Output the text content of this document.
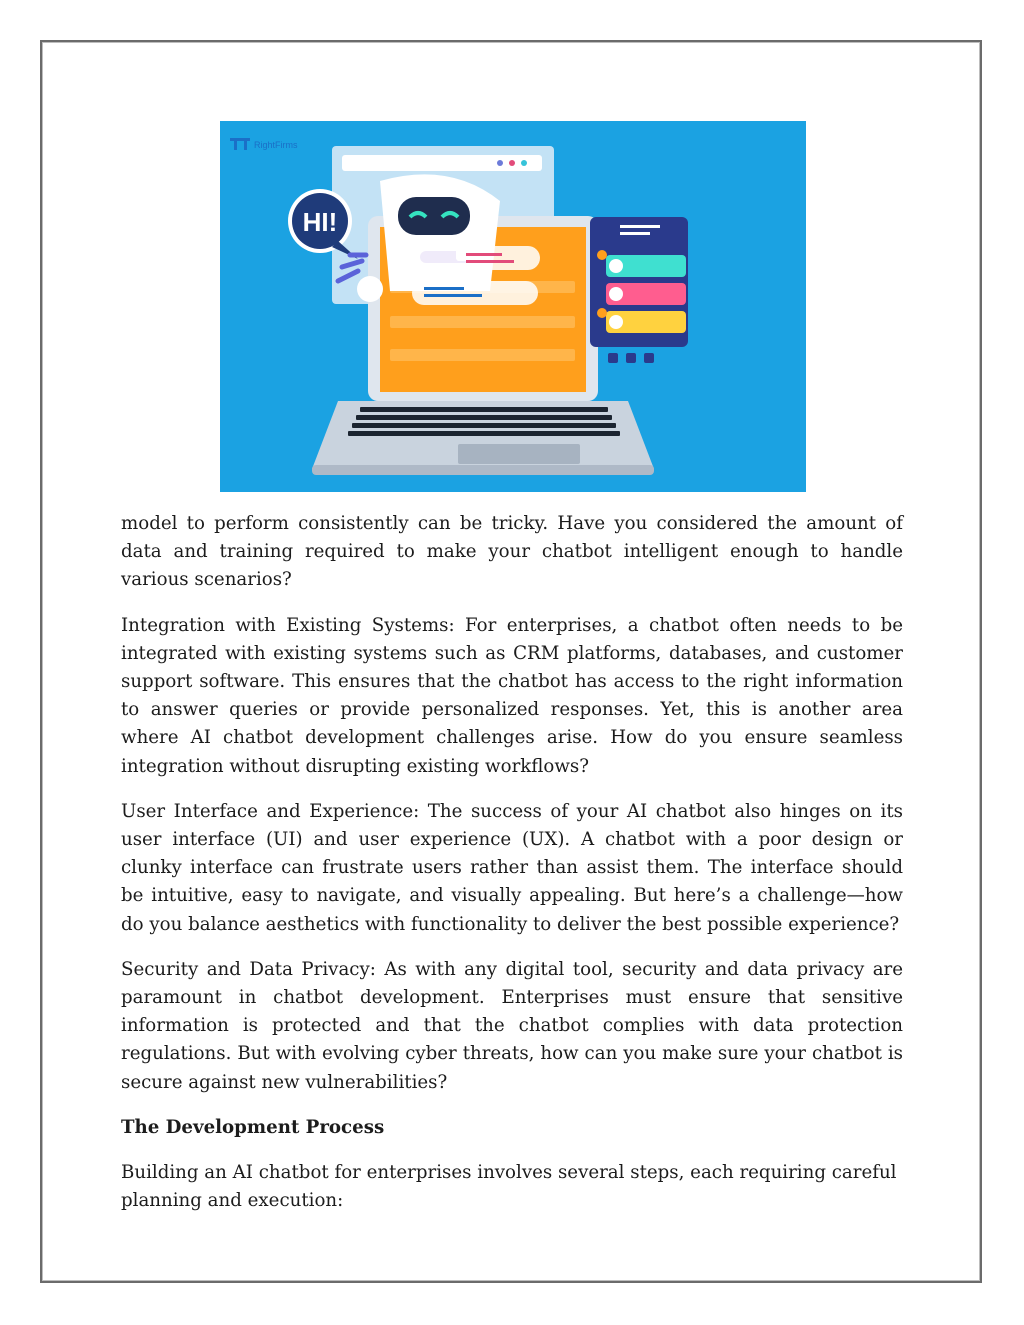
RightFirms
HI!

model to perform consistently can be tricky. Have you considered the amount of data and training required to make your chatbot intelligent enough to handle various scenarios?

Integration with Existing Systems: For enterprises, a chatbot often needs to be integrated with existing systems such as CRM platforms, databases, and customer support software. This ensures that the chatbot has access to the right information to answer queries or provide personalized responses. Yet, this is another area where AI chatbot development challenges arise. How do you ensure seamless integration without disrupting existing workflows?

User Interface and Experience: The success of your AI chatbot also hinges on its user interface (UI) and user experience (UX). A chatbot with a poor design or clunky interface can frustrate users rather than assist them. The interface should be intuitive, easy to navigate, and visually appealing. But here’s a challenge—how do you balance aesthetics with functionality to deliver the best possible experience?

Security and Data Privacy: As with any digital tool, security and data privacy are paramount in chatbot development. Enterprises must ensure that sensitive information is protected and that the chatbot complies with data protection regulations. But with evolving cyber threats, how can you make sure your chatbot is secure against new vulnerabilities?

The Development Process

Building an AI chatbot for enterprises involves several steps, each requiring careful planning and execution:
